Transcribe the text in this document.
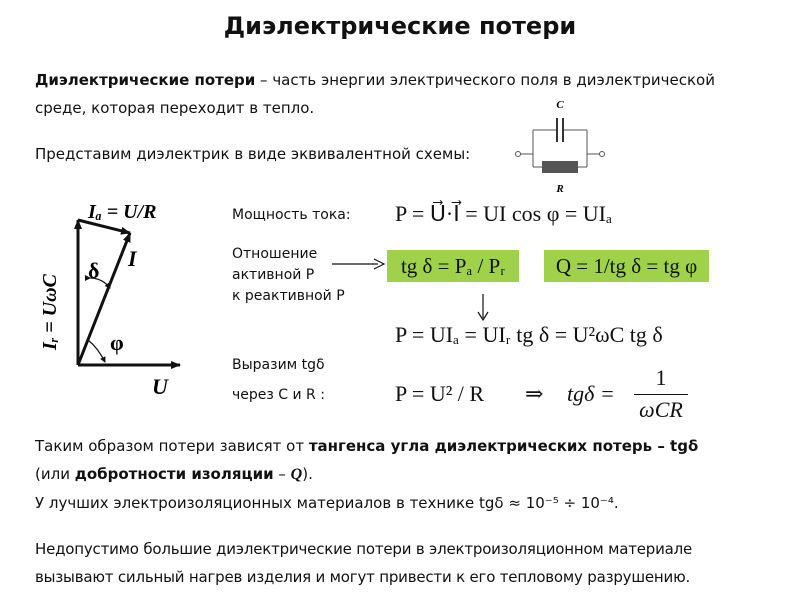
Диэлектрические потери
Диэлектрические потери – часть энергии электрического поля в диэлектрической
среде, которая переходит в тепло.
Представим диэлектрик в виде эквивалентной схемы:
C
R
Iₐ = U/R
Iᵣ = UωC
I
δ
φ
U
Мощность тока: P = U⃗·I⃗ = UI cos φ = UIₐ
Отношение
активной P
к реактивной P
tg δ = Pₐ / Pᵣ	Q = 1/tg δ = tg φ
P = UIₐ = UIᵣ tg δ = U²ωC tg δ
Выразим tgδ
через C и R :	P = U² / R ⇒ tgδ =
1
ωCR
Таким образом потери зависят от тангенса угла диэлектрических потерь – tgδ
(или добротности изоляции – Q).
У лучших электроизоляционных материалов в технике tgδ ≈ 10⁻⁵ ÷ 10⁻⁴.
Недопустимо большие диэлектрические потери в электроизоляционном материале
вызывают сильный нагрев изделия и могут привести к его тепловому разрушению.
